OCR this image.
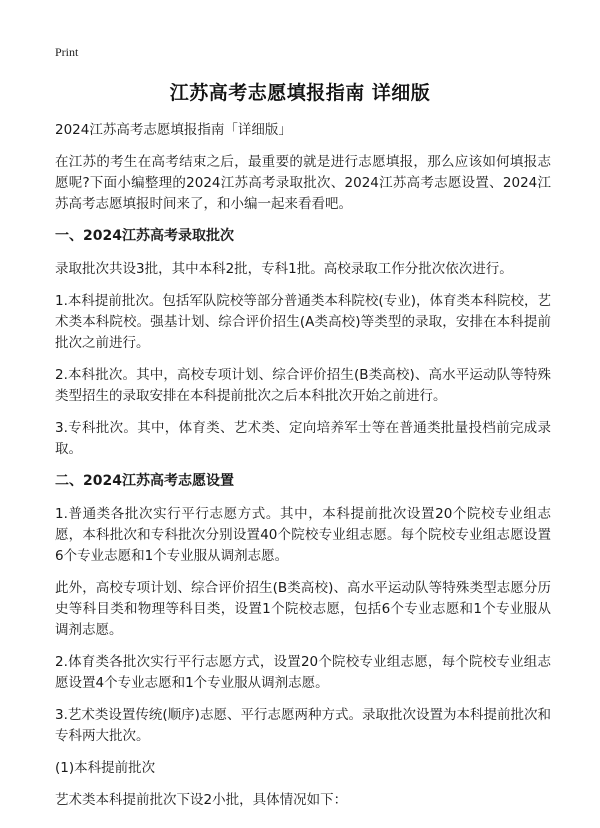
Print
江苏高考志愿填报指南 详细版

2024江苏高考志愿填报指南「详细版」

在江苏的考生在高考结束之后，最重要的就是进行志愿填报，那么应该如何填报志愿呢?下面小编整理的2024江苏高考录取批次、2024江苏高考志愿设置、2024江苏高考志愿填报时间来了，和小编一起来看看吧。

一、2024江苏高考录取批次

录取批次共设3批，其中本科2批，专科1批。高校录取工作分批次依次进行。

1.本科提前批次。包括军队院校等部分普通类本科院校(专业)，体育类本科院校，艺术类本科院校。强基计划、综合评价招生(A类高校)等类型的录取，安排在本科提前批次之前进行。

2.本科批次。其中，高校专项计划、综合评价招生(B类高校)、高水平运动队等特殊类型招生的录取安排在本科提前批次之后本科批次开始之前进行。

3.专科批次。其中，体育类、艺术类、定向培养军士等在普通类批量投档前完成录取。

二、2024江苏高考志愿设置

1.普通类各批次实行平行志愿方式。其中，本科提前批次设置20个院校专业组志愿，本科批次和专科批次分别设置40个院校专业组志愿。每个院校专业组志愿设置6个专业志愿和1个专业服从调剂志愿。

此外，高校专项计划、综合评价招生(B类高校)、高水平运动队等特殊类型志愿分历史等科目类和物理等科目类，设置1个院校志愿，包括6个专业志愿和1个专业服从调剂志愿。

2.体育类各批次实行平行志愿方式，设置20个院校专业组志愿，每个院校专业组志愿设置4个专业志愿和1个专业服从调剂志愿。

3.艺术类设置传统(顺序)志愿、平行志愿两种方式。录取批次设置为本科提前批次和专科两大批次。

(1)本科提前批次

艺术类本科提前批次下设2小批，具体情况如下：
